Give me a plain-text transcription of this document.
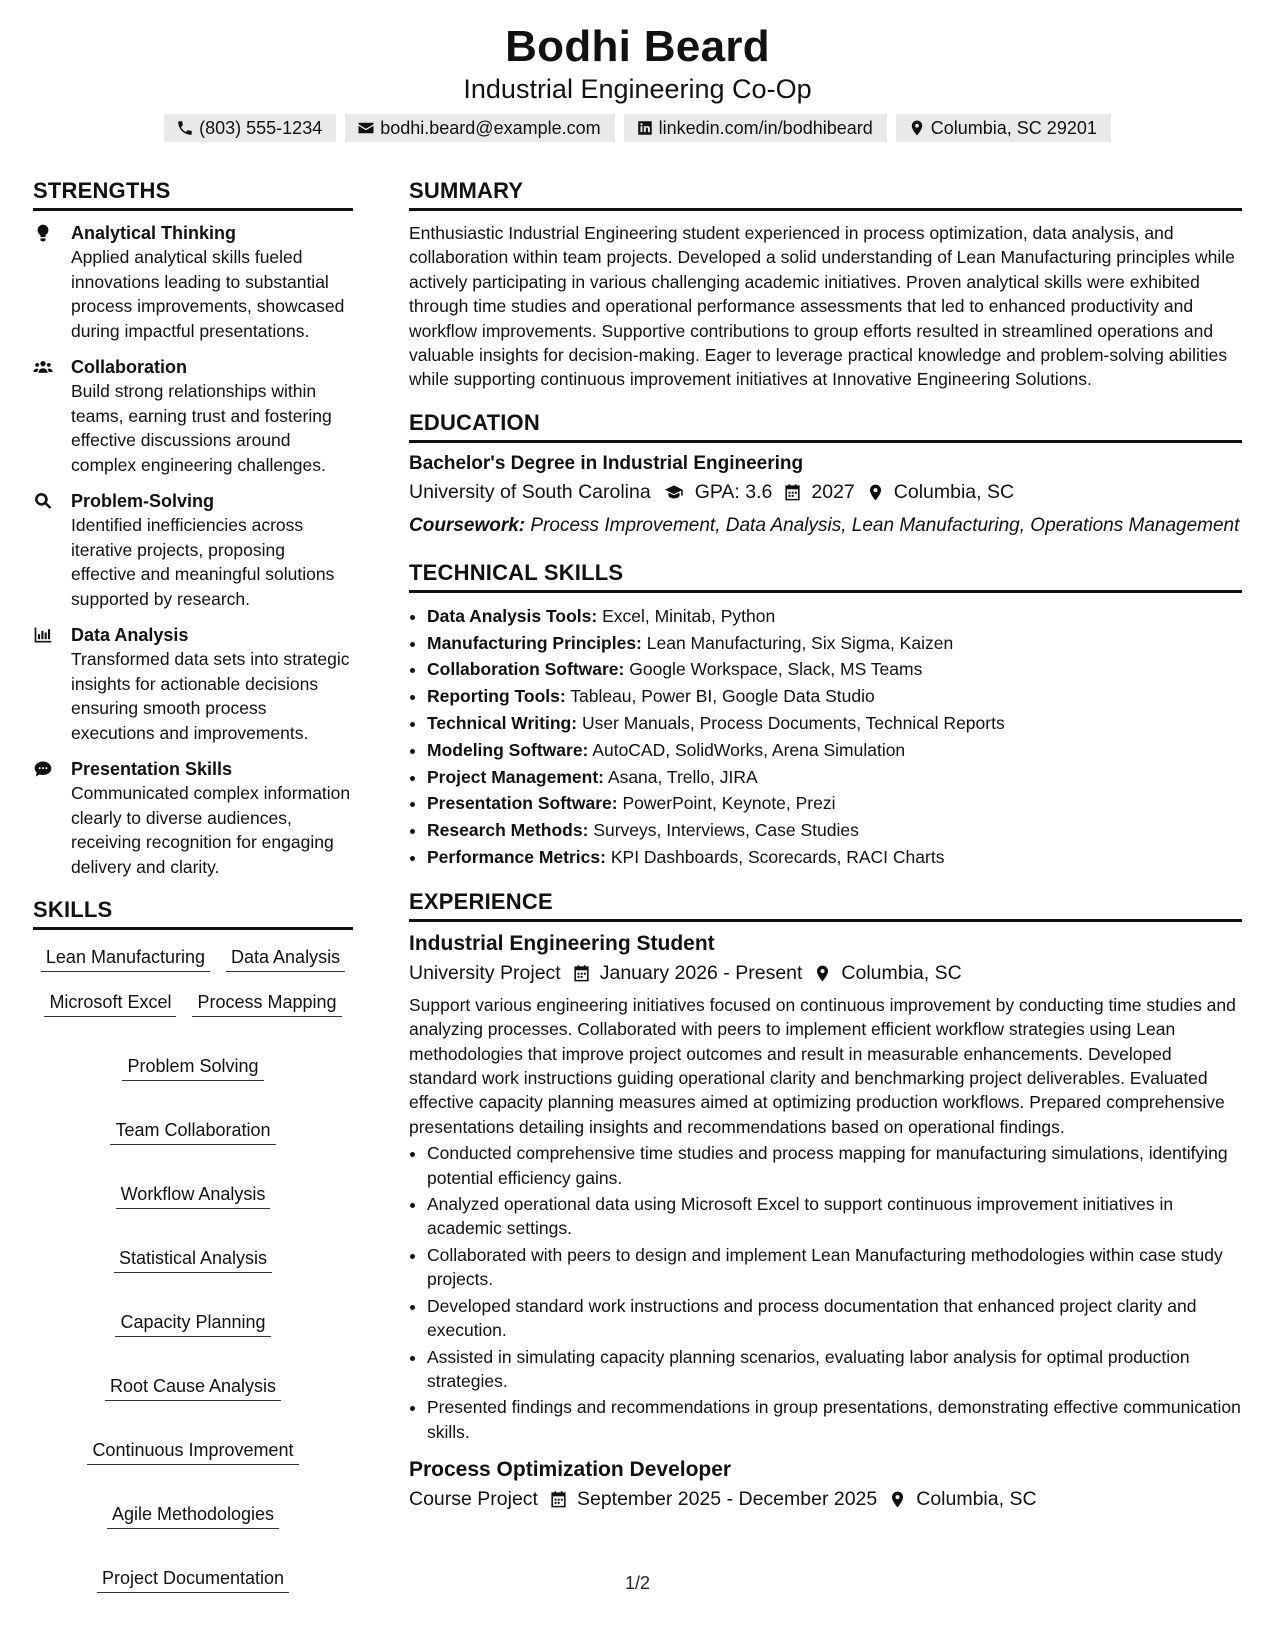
Bodhi Beard
Industrial Engineering Co-Op
(803) 555-1234	bodhi.beard@example.com	linkedin.com/in/bodhibeard	Columbia, SC 29201
STRENGTHS
Analytical Thinking
Applied analytical skills fueled innovations leading to substantial process improvements, showcased during impactful presentations.
Collaboration
Build strong relationships within teams, earning trust and fostering effective discussions around complex engineering challenges.
Problem-Solving
Identified inefficiencies across iterative projects, proposing effective and meaningful solutions supported by research.
Data Analysis
Transformed data sets into strategic insights for actionable decisions ensuring smooth process executions and improvements.
Presentation Skills
Communicated complex information clearly to diverse audiences, receiving recognition for engaging delivery and clarity.
SKILLS
Lean Manufacturing Data Analysis
Microsoft Excel Process Mapping
Problem Solving
Team Collaboration
Workflow Analysis
Statistical Analysis
Capacity Planning
Root Cause Analysis
Continuous Improvement
Agile Methodologies
Project Documentation
SUMMARY
Enthusiastic Industrial Engineering student experienced in process optimization, data analysis, and collaboration within team projects. Developed a solid understanding of Lean Manufacturing principles while actively participating in various challenging academic initiatives. Proven analytical skills were exhibited through time studies and operational performance assessments that led to enhanced productivity and workflow improvements. Supportive contributions to group efforts resulted in streamlined operations and valuable insights for decision-making. Eager to leverage practical knowledge and problem-solving abilities while supporting continuous improvement initiatives at Innovative Engineering Solutions.
EDUCATION
Bachelor's Degree in Industrial Engineering
University of South Carolina GPA: 3.6 2027 Columbia, SC
Coursework: Process Improvement, Data Analysis, Lean Manufacturing, Operations Management
TECHNICAL SKILLS
• Data Analysis Tools: Excel, Minitab, Python
• Manufacturing Principles: Lean Manufacturing, Six Sigma, Kaizen
• Collaboration Software: Google Workspace, Slack, MS Teams
• Reporting Tools: Tableau, Power BI, Google Data Studio
• Technical Writing: User Manuals, Process Documents, Technical Reports
• Modeling Software: AutoCAD, SolidWorks, Arena Simulation
• Project Management: Asana, Trello, JIRA
• Presentation Software: PowerPoint, Keynote, Prezi
• Research Methods: Surveys, Interviews, Case Studies
• Performance Metrics: KPI Dashboards, Scorecards, RACI Charts
EXPERIENCE
Industrial Engineering Student
University Project January 2026 - Present Columbia, SC
Support various engineering initiatives focused on continuous improvement by conducting time studies and analyzing processes. Collaborated with peers to implement efficient workflow strategies using Lean methodologies that improve project outcomes and result in measurable enhancements. Developed standard work instructions guiding operational clarity and benchmarking project deliverables. Evaluated effective capacity planning measures aimed at optimizing production workflows. Prepared comprehensive presentations detailing insights and recommendations based on operational findings.
• Conducted comprehensive time studies and process mapping for manufacturing simulations, identifying potential efficiency gains.
• Analyzed operational data using Microsoft Excel to support continuous improvement initiatives in academic settings.
• Collaborated with peers to design and implement Lean Manufacturing methodologies within case study projects.
• Developed standard work instructions and process documentation that enhanced project clarity and execution.
• Assisted in simulating capacity planning scenarios, evaluating labor analysis for optimal production strategies.
• Presented findings and recommendations in group presentations, demonstrating effective communication skills.
Process Optimization Developer
Course Project September 2025 - December 2025 Columbia, SC
1/2
